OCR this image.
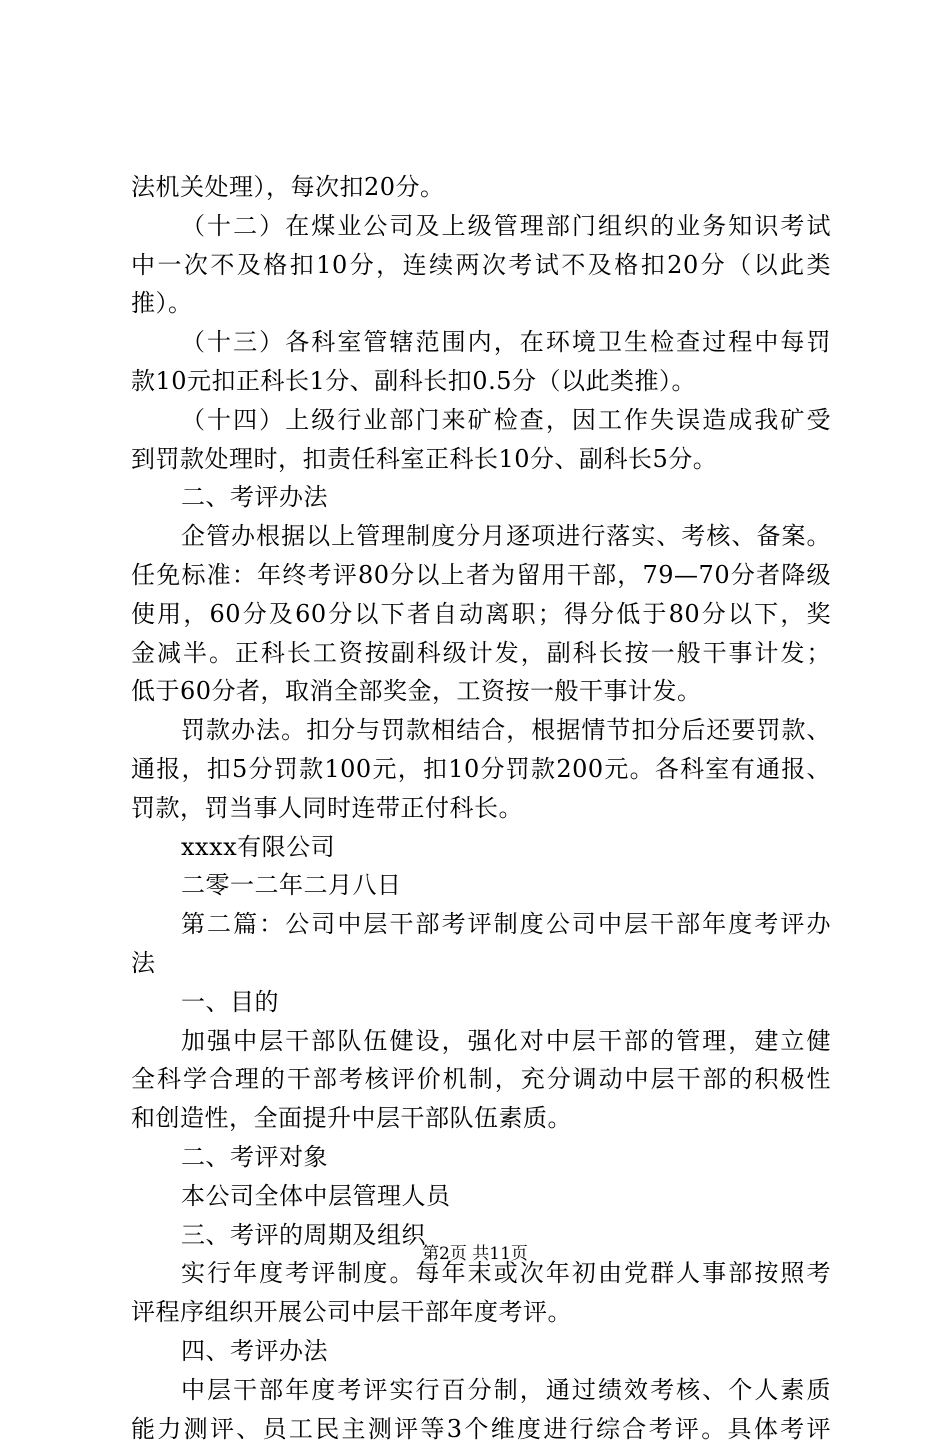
法机关处理），每次扣20分。
（十二）在煤业公司及上级管理部门组织的业务知识考试
中一次不及格扣10分，连续两次考试不及格扣20分（以此类
推）。
（十三）各科室管辖范围内，在环境卫生检查过程中每罚
款10元扣正科长1分、副科长扣0.5分（以此类推）。
（十四）上级行业部门来矿检查，因工作失误造成我矿受
到罚款处理时，扣责任科室正科长10分、副科长5分。
二、考评办法
企管办根据以上管理制度分月逐项进行落实、考核、备案。
任免标准：年终考评80分以上者为留用干部，79—70分者降级
使用，60分及60分以下者自动离职；得分低于80分以下，奖
金减半。正科长工资按副科级计发，副科长按一般干事计发；
低于60分者，取消全部奖金，工资按一般干事计发。
罚款办法。扣分与罚款相结合，根据情节扣分后还要罚款、
通报，扣5分罚款100元，扣10分罚款200元。各科室有通报、
罚款，罚当事人同时连带正付科长。
xxxx有限公司
二零一二年二月八日
第二篇：公司中层干部考评制度公司中层干部年度考评办
法
一、目的
加强中层干部队伍健设，强化对中层干部的管理，建立健
全科学合理的干部考核评价机制，充分调动中层干部的积极性
和创造性，全面提升中层干部队伍素质。
二、考评对象
本公司全体中层管理人员
三、考评的周期及组织
实行年度考评制度。每年末或次年初由党群人事部按照考
评程序组织开展公司中层干部年度考评。
四、考评办法
中层干部年度考评实行百分制，通过绩效考核、个人素质
能力测评、员工民主测评等3个维度进行综合考评。具体考评
第2页 共11页
